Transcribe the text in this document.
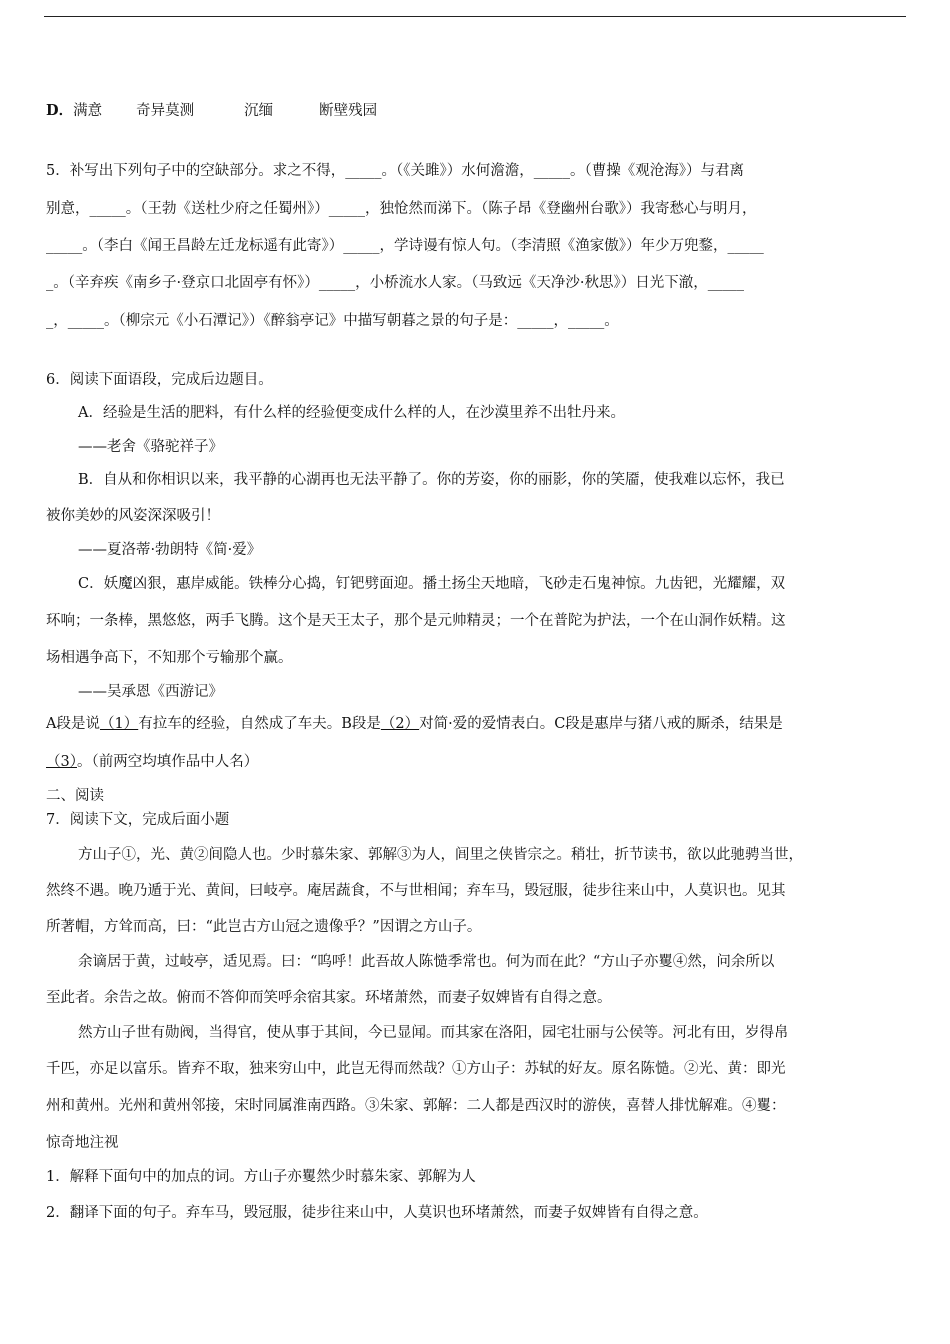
D．满意 奇异莫测	沉缅	断壁残园
5．补写出下列句子中的空缺部分。求之不得，_____。（《关雎》）水何澹澹，_____。（曹操《观沧海》）与君离
别意，_____。（王勃《送杜少府之任蜀州》）_____，独怆然而涕下。（陈子昂《登幽州台歌》）我寄愁心与明月，
_____。（李白《闻王昌龄左迁龙标遥有此寄》）_____，学诗谩有惊人句。（李清照《渔家傲》）年少万兜鍪，_____
_。（辛弃疾《南乡子·登京口北固亭有怀》）_____，小桥流水人家。（马致远《天净沙·秋思》）日光下澈，_____
_，_____。（柳宗元《小石潭记》）《醉翁亭记》中描写朝暮之景的句子是：_____，_____。
6．阅读下面语段，完成后边题目。
A．经验是生活的肥料，有什么样的经验便变成什么样的人，在沙漠里养不出牡丹来。
——老舍《骆驼祥子》
B．自从和你相识以来，我平静的心湖再也无法平静了。你的芳姿，你的丽影，你的笑靥，使我难以忘怀，我已
被你美妙的风姿深深吸引！
——夏洛蒂·勃朗特《简·爱》
C．妖魔凶狠，惠岸威能。铁棒分心捣，钉钯劈面迎。播土扬尘天地暗，飞砂走石鬼神惊。九齿钯，光耀耀，双
环响；一条棒，黑悠悠，两手飞腾。这个是天王太子，那个是元帅精灵；一个在普陀为护法，一个在山洞作妖精。这
场相遇争高下，不知那个亏输那个赢。
——吴承恩《西游记》
A段是说（1）有拉车的经验，自然成了车夫。B段是（2）对简·爱的爱情表白。C段是惠岸与猪八戒的厮杀，结果是
（3）。（前两空均填作品中人名）
二、阅读
7．阅读下文，完成后面小题
方山子①，光、黄②间隐人也。少时慕朱家、郭解③为人，闾里之侠皆宗之。稍壮，折节读书，欲以此驰骋当世，
然终不遇。晚乃遁于光、黄间，曰岐亭。庵居蔬食，不与世相闻；弃车马，毁冠服，徒步往来山中，人莫识也。见其
所著帽，方耸而高，曰：“此岂古方山冠之遗像乎？”因谓之方山子。
余谪居于黄，过岐亭，适见焉。曰：“呜呼！此吾故人陈慥季常也。何为而在此？“方山子亦矍④然，问余所以
至此者。余告之故。俯而不答仰而笑呼余宿其家。环堵萧然，而妻子奴婢皆有自得之意。
然方山子世有勋阀，当得官，使从事于其间，今已显闻。而其家在洛阳，园宅壮丽与公侯等。河北有田，岁得帛
千匹，亦足以富乐。皆弃不取，独来穷山中，此岂无得而然哉？①方山子：苏轼的好友。原名陈慥。②光、黄：即光
州和黄州。光州和黄州邻接，宋时同属淮南西路。③朱家、郭解：二人都是西汉时的游侠，喜替人排忧解难。④矍：
惊奇地注视
1．解释下面句中的加点的词。方山子亦矍然少时慕朱家、郭解为人
2．翻译下面的句子。弃车马，毁冠服，徒步往来山中，人莫识也环堵萧然，而妻子奴婢皆有自得之意。
